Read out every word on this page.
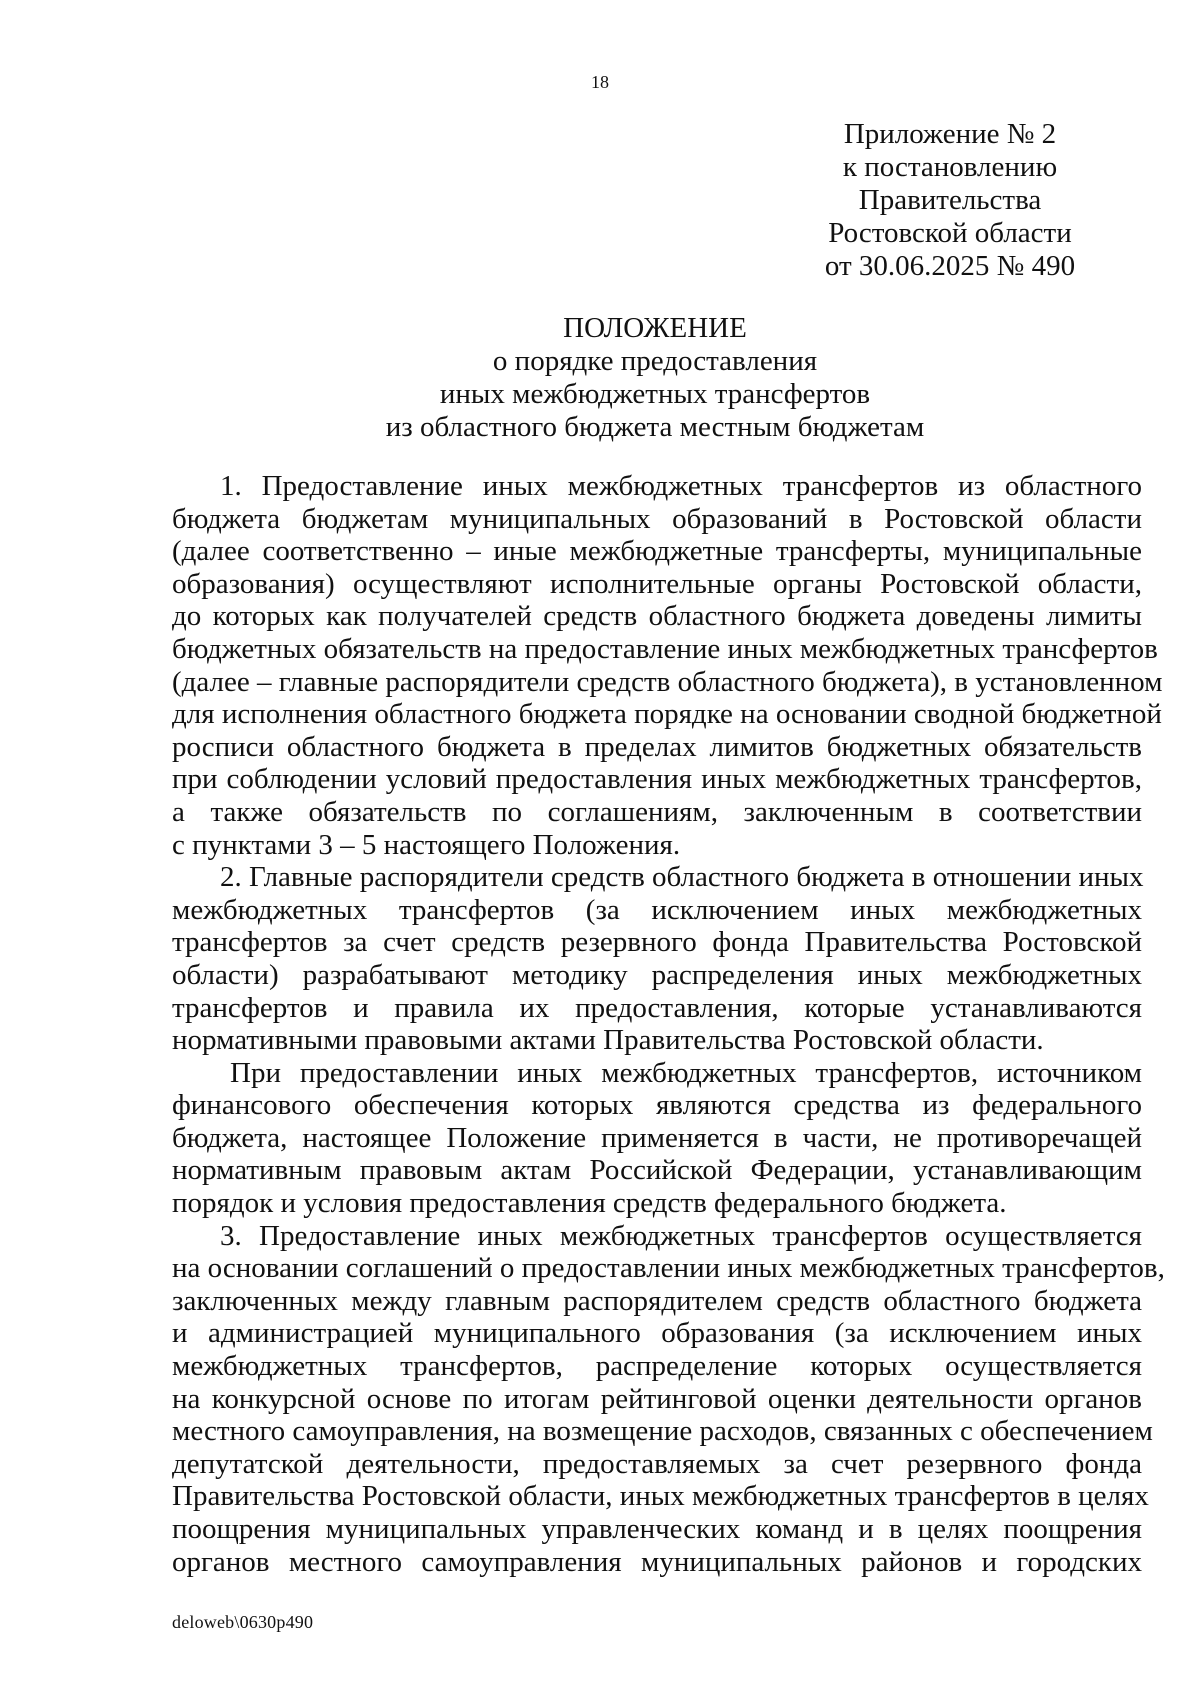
18
Приложение № 2
к постановлению
Правительства
Ростовской области
от 30.06.2025 № 490
ПОЛОЖЕНИЕ
о порядке предоставления
иных межбюджетных трансфертов
из областного бюджета местным бюджетам
1. Предоставление иных межбюджетных трансфертов из областного
бюджета бюджетам муниципальных образований в Ростовской области
(далее соответственно – иные межбюджетные трансферты, муниципальные
образования) осуществляют исполнительные органы Ростовской области,
до которых как получателей средств областного бюджета доведены лимиты
бюджетных обязательств на предоставление иных межбюджетных трансфертов
(далее – главные распорядители средств областного бюджета), в установленном
для исполнения областного бюджета порядке на основании сводной бюджетной
росписи областного бюджета в пределах лимитов бюджетных обязательств
при соблюдении условий предоставления иных межбюджетных трансфертов,
а также обязательств по соглашениям, заключенным в соответствии
с пунктами 3 – 5 настоящего Положения.
2. Главные распорядители средств областного бюджета в отношении иных
межбюджетных трансфертов (за исключением иных межбюджетных
трансфертов за счет средств резервного фонда Правительства Ростовской
области) разрабатывают методику распределения иных межбюджетных
трансфертов и правила их предоставления, которые устанавливаются
нормативными правовыми актами Правительства Ростовской области.
При предоставлении иных межбюджетных трансфертов, источником
финансового обеспечения которых являются средства из федерального
бюджета, настоящее Положение применяется в части, не противоречащей
нормативным правовым актам Российской Федерации, устанавливающим
порядок и условия предоставления средств федерального бюджета.
3. Предоставление иных межбюджетных трансфертов осуществляется
на основании соглашений о предоставлении иных межбюджетных трансфертов,
заключенных между главным распорядителем средств областного бюджета
и администрацией муниципального образования (за исключением иных
межбюджетных трансфертов, распределение которых осуществляется
на конкурсной основе по итогам рейтинговой оценки деятельности органов
местного самоуправления, на возмещение расходов, связанных с обеспечением
депутатской деятельности, предоставляемых за счет резервного фонда
Правительства Ростовской области, иных межбюджетных трансфертов в целях
поощрения муниципальных управленческих команд и в целях поощрения
органов местного самоуправления муниципальных районов и городских
deloweb\0630p490
